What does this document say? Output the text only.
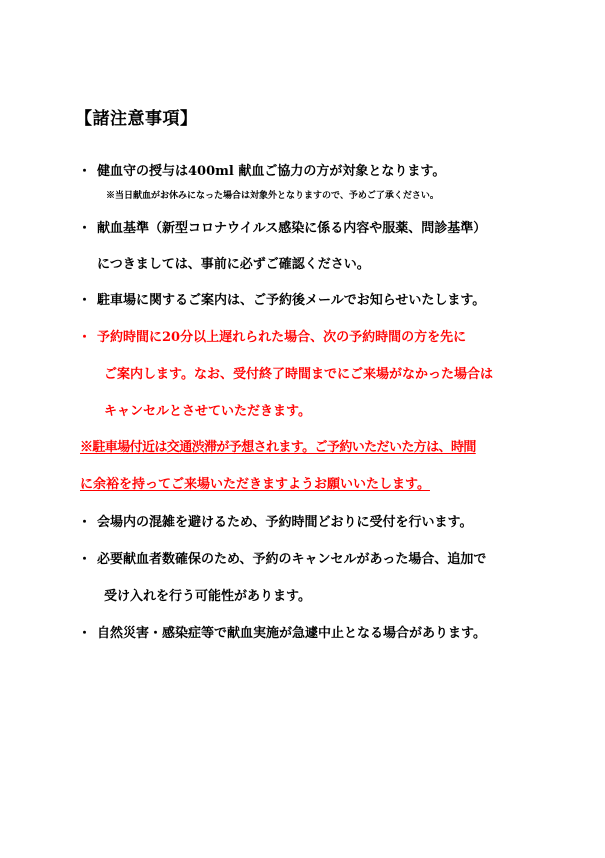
【諸注意事項】
・ 健血守の授与は400ml 献血ご協力の方が対象となります。
※当日献血がお休みになった場合は対象外となりますので、予めご了承ください。
・ 献血基準（新型コロナウイルス感染に係る内容や服薬、問診基準）
につきましては、事前に必ずご確認ください。
・ 駐車場に関するご案内は、ご予約後メールでお知らせいたします。
・ 予約時間に20分以上遅れられた場合、次の予約時間の方を先に
ご案内します。なお、受付終了時間までにご来場がなかった場合は
キャンセルとさせていただきます。
※駐車場付近は交通渋滞が予想されます。ご予約いただいた方は、時間
に余裕を持ってご来場いただきますようお願いいたします。
・ 会場内の混雑を避けるため、予約時間どおりに受付を行います。
・ 必要献血者数確保のため、予約のキャンセルがあった場合、追加で
受け入れを行う可能性があります。
・ 自然災害・感染症等で献血実施が急遽中止となる場合があります。
